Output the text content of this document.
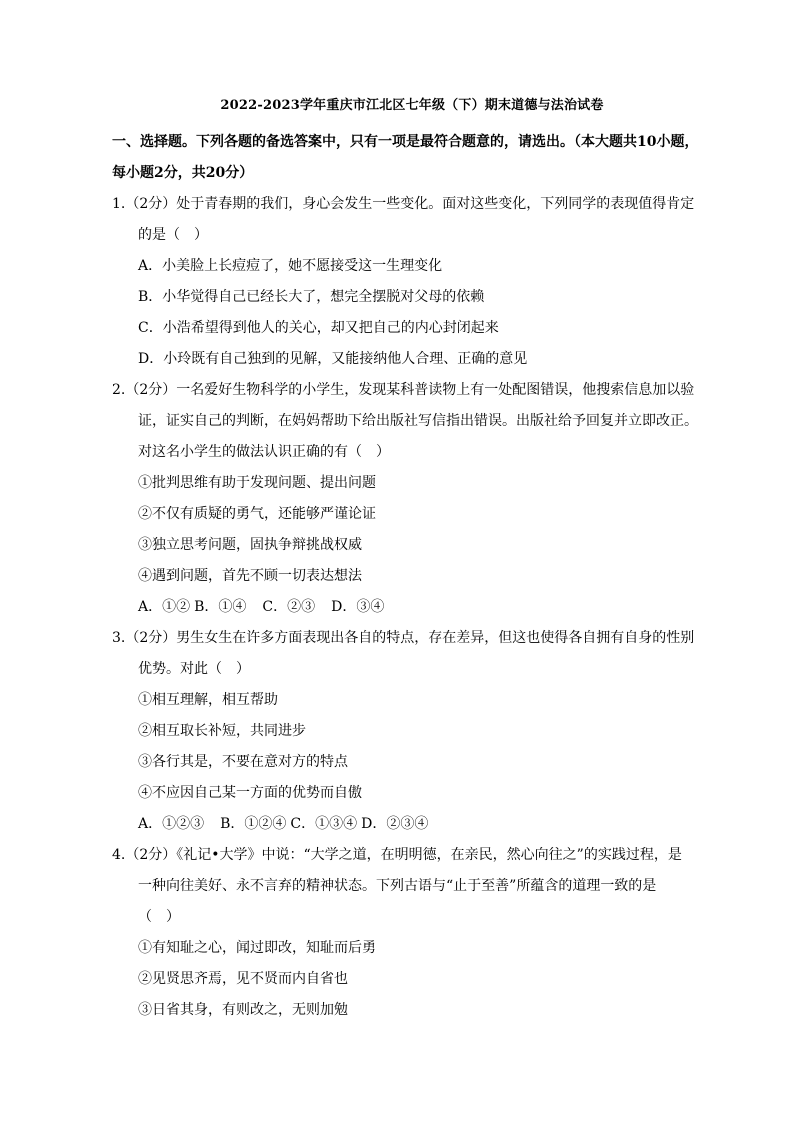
2022-2023学年重庆市江北区七年级（下）期末道德与法治试卷
一、选择题。下列各题的备选答案中，只有一项是最符合题意的，请选出。（本大题共10小题，
每小题2分，共20分）
1.（2分）处于青春期的我们，身心会发生一些变化。面对这些变化，下列同学的表现值得肯定
的是（　）
A．小美脸上长痘痘了，她不愿接受这一生理变化
B．小华觉得自己已经长大了，想完全摆脱对父母的依赖
C．小浩希望得到他人的关心，却又把自己的内心封闭起来
D．小玲既有自己独到的见解，又能接纳他人合理、正确的意见
2.（2分）一名爱好生物科学的小学生，发现某科普读物上有一处配图错误，他搜索信息加以验
证，证实自己的判断，在妈妈帮助下给出版社写信指出错误。出版社给予回复并立即改正。
对这名小学生的做法认识正确的有（　）
①批判思维有助于发现问题、提出问题
②不仅有质疑的勇气，还能够严谨论证
③独立思考问题，固执争辩挑战权威
④遇到问题，首先不顾一切表达想法
A．①② B．①④ C．②③ D．③④
3.（2分）男生女生在许多方面表现出各自的特点，存在差异，但这也使得各自拥有自身的性别
优势。对此（　）
①相互理解，相互帮助
②相互取长补短，共同进步
③各行其是，不要在意对方的特点
④不应因自己某一方面的优势而自傲
A．①②③ B．①②④ C．①③④ D．②③④
4.（2分）《礼记•大学》中说：“大学之道，在明明德，在亲民，然心向往之”的实践过程，是
一种向往美好、永不言弃的精神状态。下列古语与“止于至善”所蕴含的道理一致的是
（　）
①有知耻之心，闻过即改，知耻而后勇
②见贤思齐焉，见不贤而内自省也
③日省其身，有则改之，无则加勉
